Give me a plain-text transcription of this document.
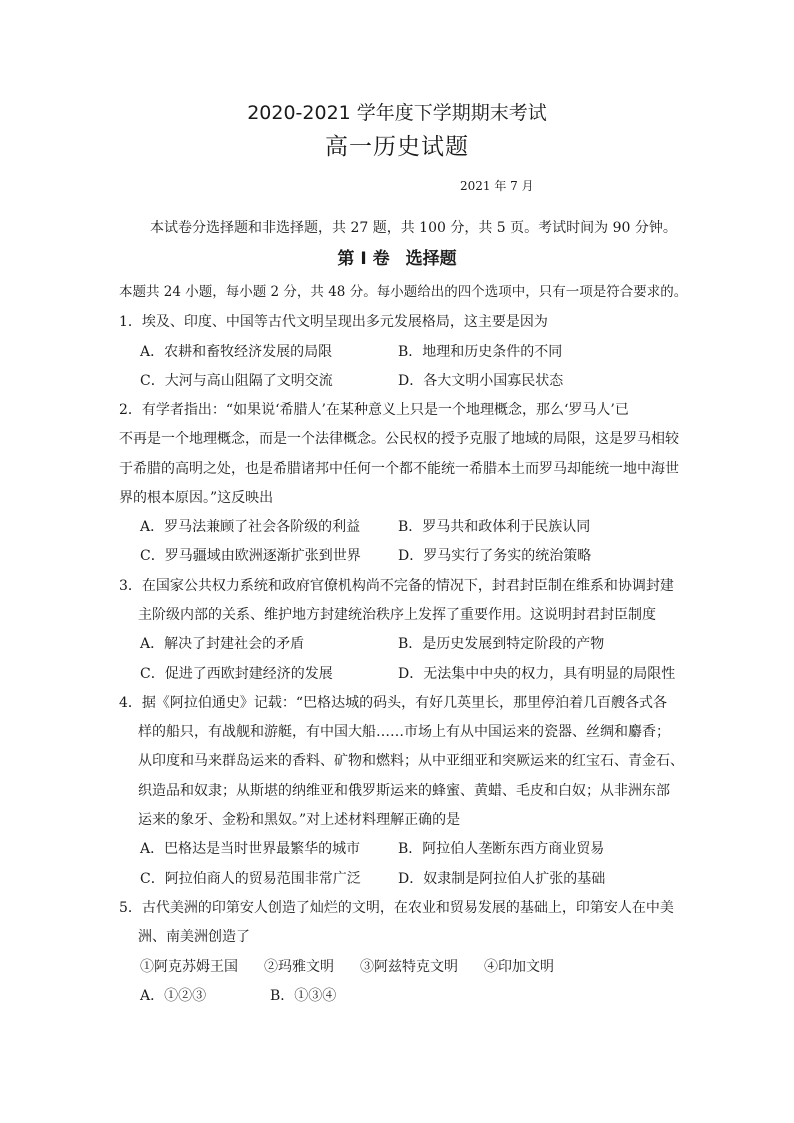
2020-2021 学年度下学期期末考试
高一历史试题
2021 年 7 月
本试卷分选择题和非选择题，共 27 题，共 100 分，共 5 页。考试时间为 90 分钟。
第 I 卷 选择题
本题共 24 小题，每小题 2 分，共 48 分。每小题给出的四个选项中，只有一项是符合要求的。
1．埃及、印度、中国等古代文明呈现出多元发展格局，这主要是因为
A．农耕和畜牧经济发展的局限	B．地理和历史条件的不同
C．大河与高山阻隔了文明交流	D．各大文明小国寡民状态
2．有学者指出：“如果说‘希腊人’在某种意义上只是一个地理概念，那么‘罗马人’已
不再是一个地理概念，而是一个法律概念。公民权的授予克服了地域的局限，这是罗马相较
于希腊的高明之处，也是希腊诸邦中任何一个都不能统一希腊本土而罗马却能统一地中海世
界的根本原因。”这反映出
A．罗马法兼顾了社会各阶级的利益	B．罗马共和政体利于民族认同
C．罗马疆域由欧洲逐渐扩张到世界	D．罗马实行了务实的统治策略
3．在国家公共权力系统和政府官僚机构尚不完备的情况下，封君封臣制在维系和协调封建
主阶级内部的关系、维护地方封建统治秩序上发挥了重要作用。这说明封君封臣制度
A．解决了封建社会的矛盾	B．是历史发展到特定阶段的产物
C．促进了西欧封建经济的发展	D．无法集中中央的权力，具有明显的局限性
4．据《阿拉伯通史》记载：“巴格达城的码头，有好几英里长，那里停泊着几百艘各式各
样的船只，有战舰和游艇，有中国大船……市场上有从中国运来的瓷器、丝绸和麝香；
从印度和马来群岛运来的香料、矿物和燃料；从中亚细亚和突厥运来的红宝石、青金石、
织造品和奴隶；从斯堪的纳维亚和俄罗斯运来的蜂蜜、黄蜡、毛皮和白奴；从非洲东部
运来的象牙、金粉和黑奴。”对上述材料理解正确的是
A．巴格达是当时世界最繁华的城市	B．阿拉伯人垄断东西方商业贸易
C．阿拉伯商人的贸易范围非常广泛	D．奴隶制是阿拉伯人扩张的基础
5．古代美洲的印第安人创造了灿烂的文明，在农业和贸易发展的基础上，印第安人在中美
洲、南美洲创造了
①阿克苏姆王国 ②玛雅文明 ③阿兹特克文明 ④印加文明
A．①②③	B．①③④
